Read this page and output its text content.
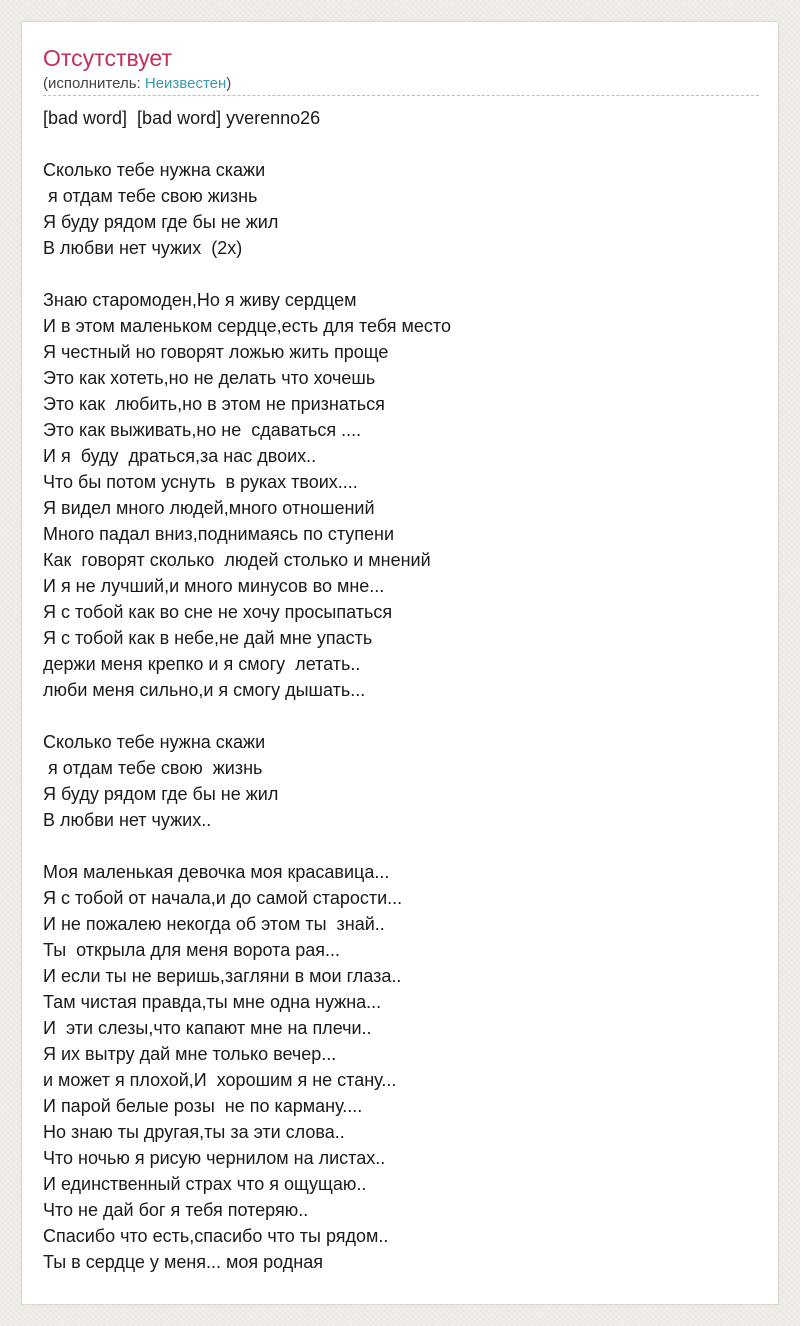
Отсутствует
(исполнитель: Неизвестен)
[bad word]  [bad word] yverenno26
Сколько тебе нужна скажи
я отдам тебе свою жизнь
Я буду рядом где бы не жил
В любви нет чужих  (2x)
Знаю старомоден,Но я живу сердцем
И в этом маленьком сердце,есть для тебя место
Я честный но говорят ложью жить проще
Это как хотеть,но не делать что хочешь
Это как  любить,но в этом не признаться
Это как выживать,но не  сдаваться ....
И я  буду  драться,за нас двоих..
Что бы потом уснуть  в руках твоих....
Я видел много людей,много отношений
Много падал вниз,поднимаясь по ступени
Как  говорят сколько  людей столько и мнений
И я не лучший,и много минусов во мне...
Я с тобой как во сне не хочу просыпаться
Я с тобой как в небе,не дай мне упасть
держи меня крепко и я смогу  летать..
люби меня сильно,и я смогу дышать...
Сколько тебе нужна скажи
я отдам тебе свою  жизнь
Я буду рядом где бы не жил
В любви нет чужих..
Моя маленькая девочка моя красавица...
Я с тобой от начала,и до самой старости...
И не пожалею некогда об этом ты  знай..
Ты  открыла для меня ворота рая...
И если ты не веришь,загляни в мои глаза..
Там чистая правда,ты мне одна нужна...
И  эти слезы,что капают мне на плечи..
Я их вытру дай мне только вечер...
и может я плохой,И  хорошим я не стану...
И парой белые розы  не по карману....
Но знаю ты другая,ты за эти слова..
Что ночью я рисую чернилом на листах..
И единственный страх что я ощущаю..
Что не дай бог я тебя потеряю..
Спасибо что есть,спасибо что ты рядом..
Ты в сердце у меня... моя родная
